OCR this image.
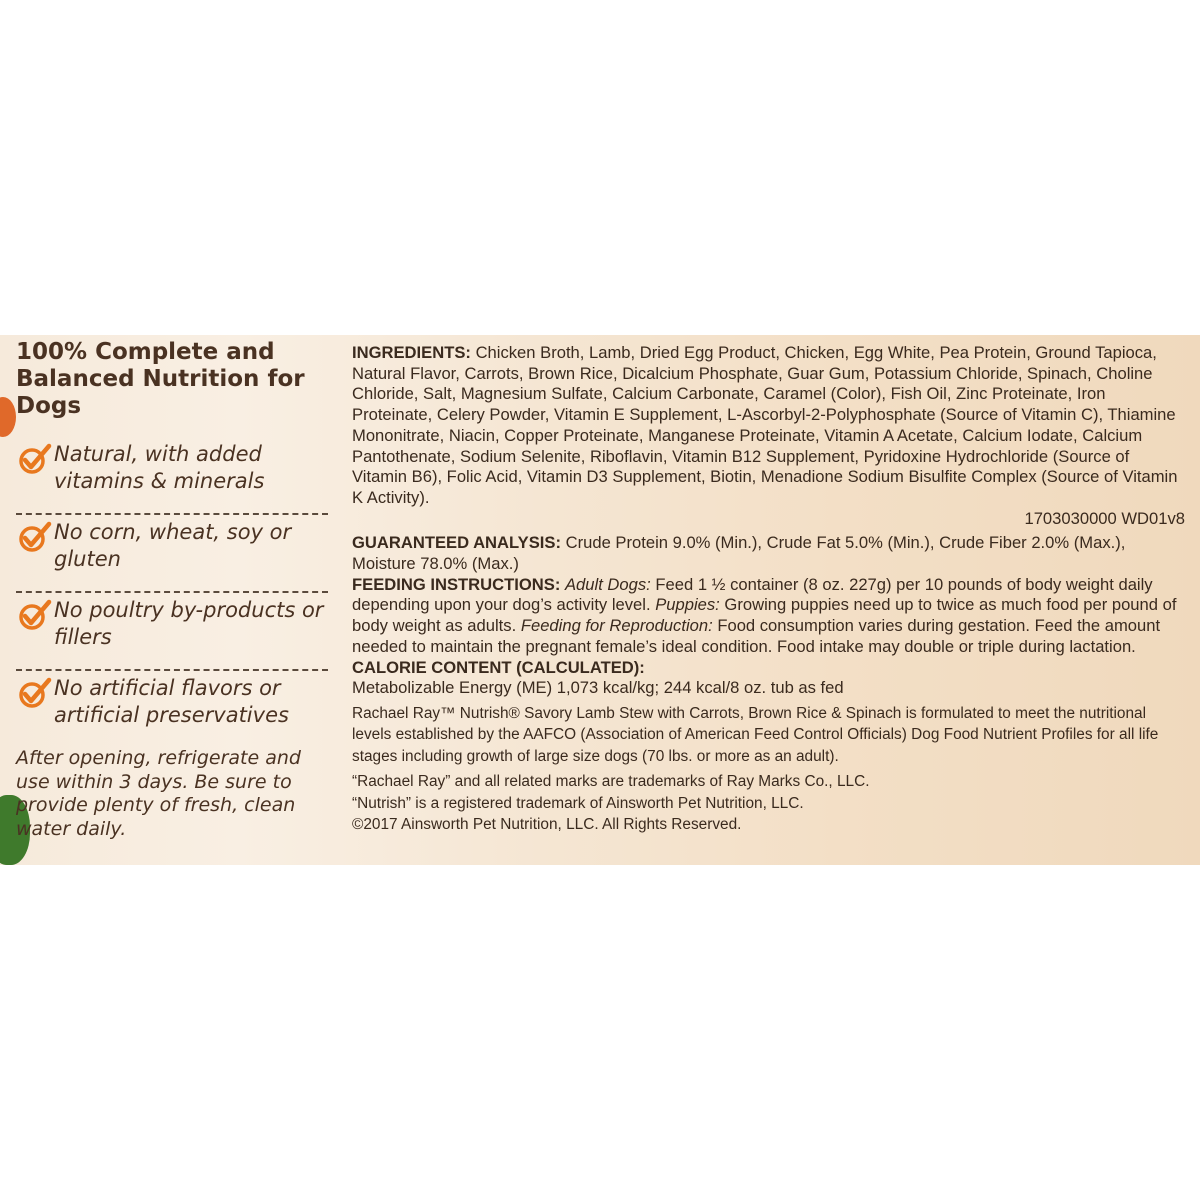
100% Complete and Balanced Nutrition for Dogs
Natural, with added vitamins & minerals
No corn, wheat, soy or gluten
No poultry by-products or fillers
No artificial flavors or artificial preservatives
After opening, refrigerate and use within 3 days. Be sure to provide plenty of fresh, clean water daily.

INGREDIENTS: Chicken Broth, Lamb, Dried Egg Product, Chicken, Egg White, Pea Protein, Ground Tapioca, Natural Flavor, Carrots, Brown Rice, Dicalcium Phosphate, Guar Gum, Potassium Chloride, Spinach, Choline Chloride, Salt, Magnesium Sulfate, Calcium Carbonate, Caramel (Color), Fish Oil, Zinc Proteinate, Iron Proteinate, Celery Powder, Vitamin E Supplement, L-Ascorbyl-2-Polyphosphate (Source of Vitamin C), Thiamine Mononitrate, Niacin, Copper Proteinate, Manganese Proteinate, Vitamin A Acetate, Calcium Iodate, Calcium Pantothenate, Sodium Selenite, Riboflavin, Vitamin B12 Supplement, Pyridoxine Hydrochloride (Source of Vitamin B6), Folic Acid, Vitamin D3 Supplement, Biotin, Menadione Sodium Bisulfite Complex (Source of Vitamin K Activity).

1703030000 WD01v8

GUARANTEED ANALYSIS: Crude Protein 9.0% (Min.), Crude Fat 5.0% (Min.), Crude Fiber 2.0% (Max.), Moisture 78.0% (Max.)

FEEDING INSTRUCTIONS: Adult Dogs: Feed 1 ½ container (8 oz. 227g) per 10 pounds of body weight daily depending upon your dog’s activity level. Puppies: Growing puppies need up to twice as much food per pound of body weight as adults. Feeding for Reproduction: Food consumption varies during gestation. Feed the amount needed to maintain the pregnant female’s ideal condition. Food intake may double or triple during lactation.

CALORIE CONTENT (CALCULATED):

Metabolizable Energy (ME) 1,073 kcal/kg; 244 kcal/8 oz. tub as fed

Rachael Ray™ Nutrish® Savory Lamb Stew with Carrots, Brown Rice & Spinach is formulated to meet the nutritional levels established by the AAFCO (Association of American Feed Control Officials) Dog Food Nutrient Profiles for all life stages including growth of large size dogs (70 lbs. or more as an adult).

“Rachael Ray” and all related marks are trademarks of Ray Marks Co., LLC.

“Nutrish” is a registered trademark of Ainsworth Pet Nutrition, LLC.

©2017 Ainsworth Pet Nutrition, LLC. All Rights Reserved.
